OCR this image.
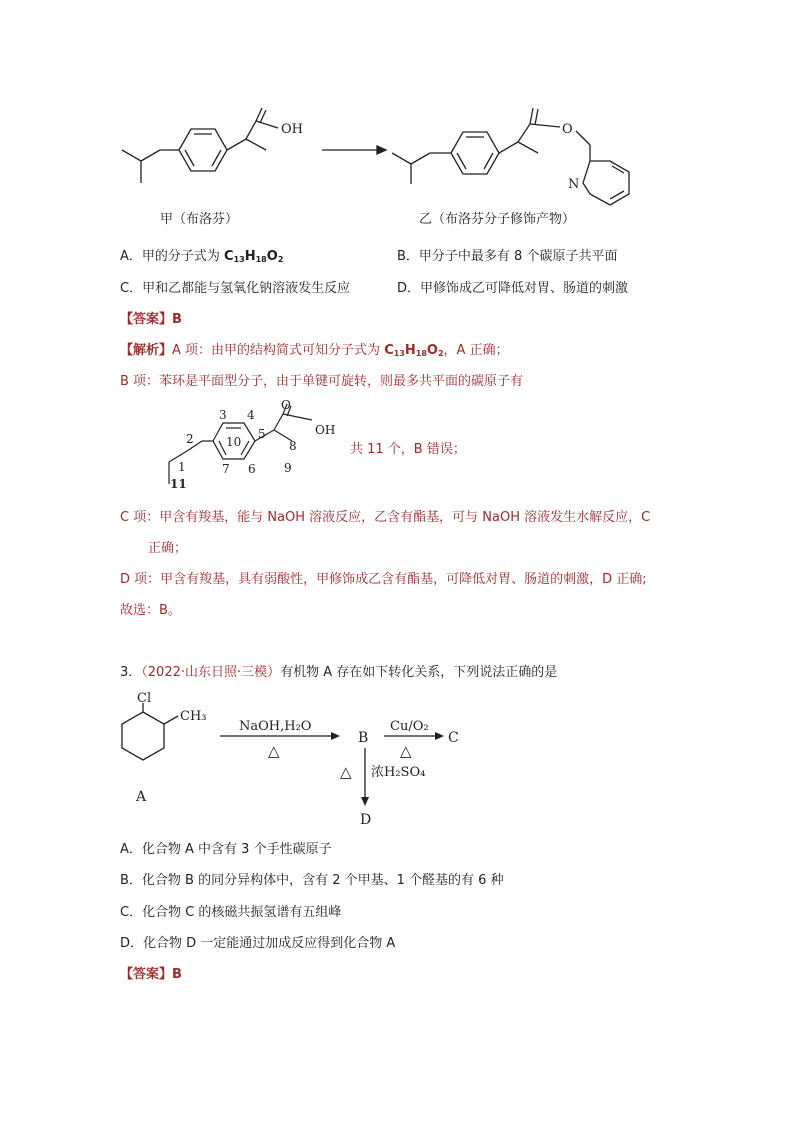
OH	O
N
甲（布洛芬）	乙（布洛芬分子修饰产物）
A．甲的分子式为 $C_{13}H_{18}O_2$	B．甲分子中最多有 8 个碳原子共平面
C．甲和乙都能与氢氧化钠溶液发生反应	D．甲修饰成乙可降低对胃、肠道的刺激
【答案】B
【解析】A 项：由甲的结构简式可知分子式为 $C_{13}H_{18}O_2$，A 正确；
B 项：苯环是平面型分子，由于单键可旋转，则最多共平面的碳原子有
1
2
3 4
5
6
7
8
9
10
11
O
OH
共 11 个，B 错误；
C 项：甲含有羧基，能与 NaOH 溶液反应，乙含有酯基，可与 NaOH 溶液发生水解反应，C
正确；
D 项：甲含有羧基，具有弱酸性，甲修饰成乙含有酯基，可降低对胃、肠道的刺激，D 正确;
故选：B。
3．（2022·山东日照·三模）有机物 A 存在如下转化关系，下列说法正确的是
Cl
CH₃
A
NaOH,H₂O
△
B
Cu/O₂
△
C
△ 浓H₂SO₄
D
A．化合物 A 中含有 3 个手性碳原子
B．化合物 B 的同分异构体中，含有 2 个甲基、1 个醛基的有 6 种
C．化合物 C 的核磁共振氢谱有五组峰
D．化合物 D 一定能通过加成反应得到化合物 A
【答案】B
